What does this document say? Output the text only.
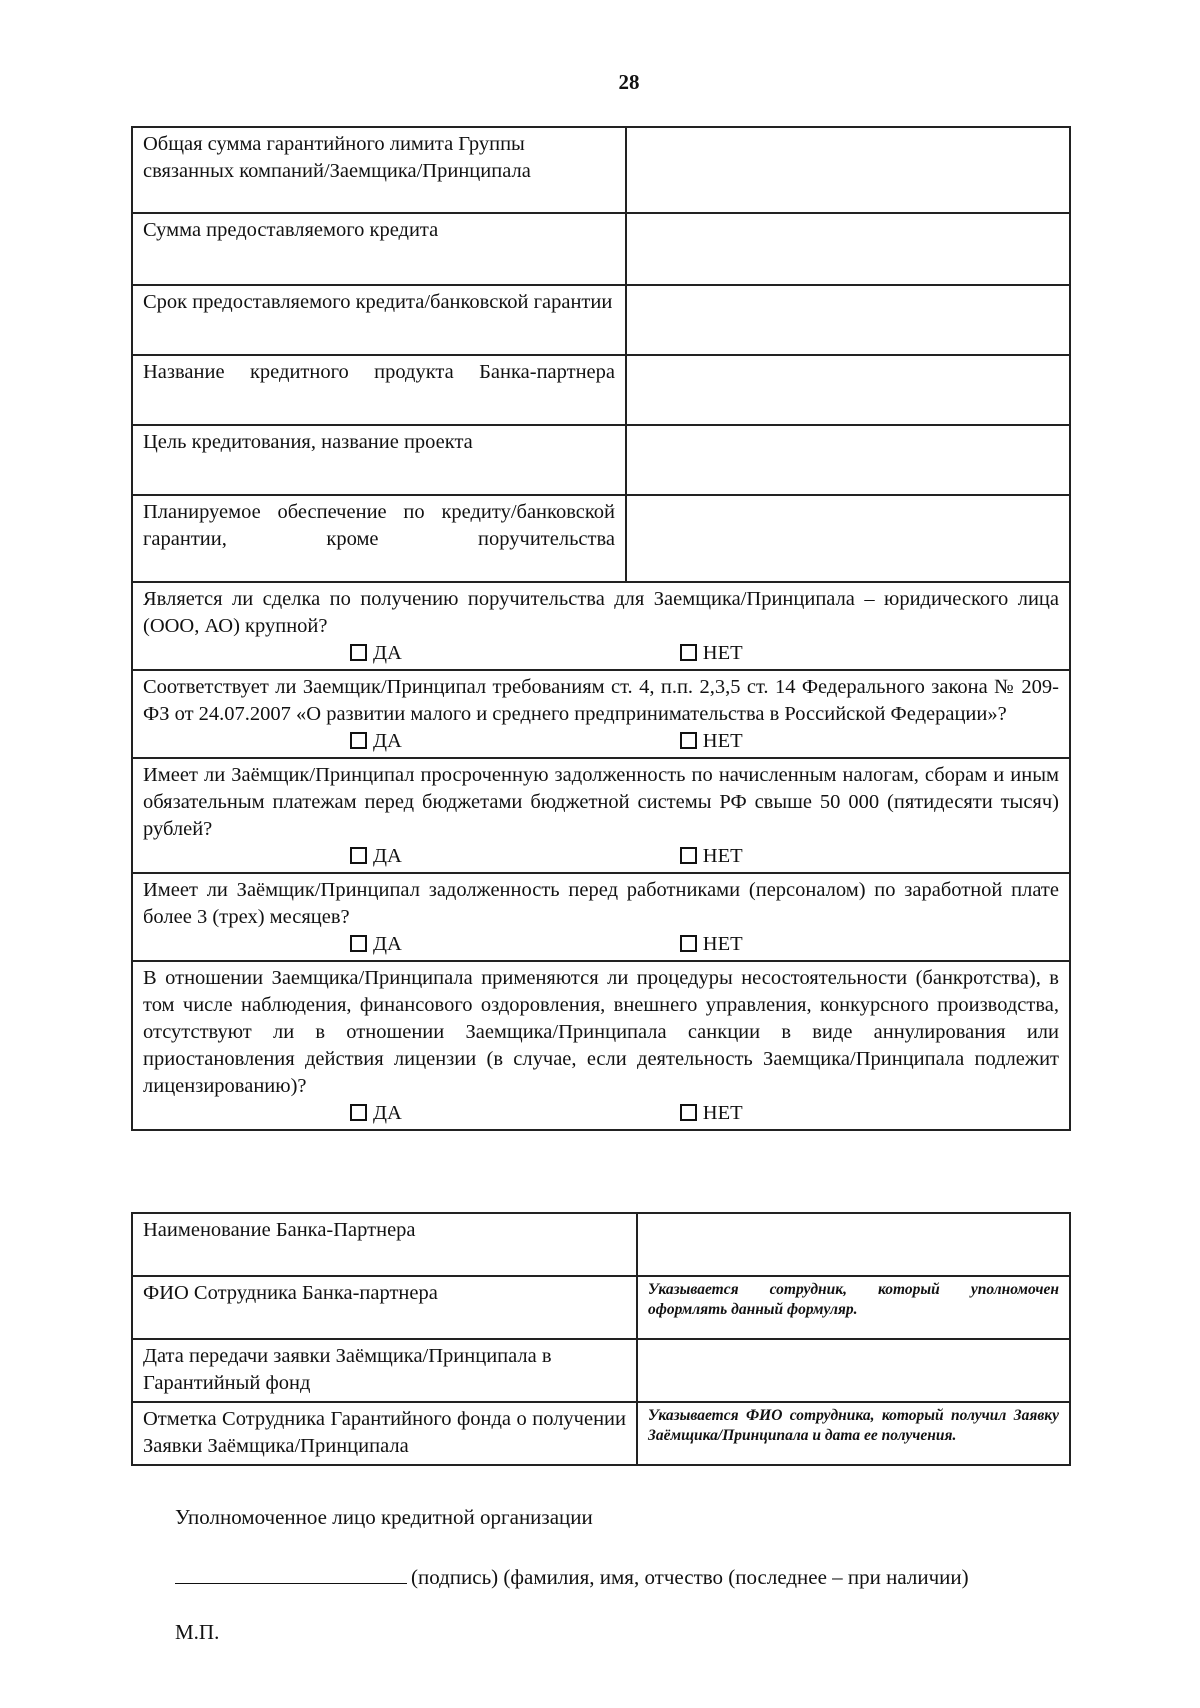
28
Общая сумма гарантийного лимита Группы связанных компаний/Заемщика/Принципала	
Сумма предоставляемого кредита	
Срок предоставляемого кредита/банковской гарантии	
Название кредитного продукта Банка-партнера	
Цель кредитования, название проекта	
Планируемое обеспечение по кредиту/банковской гарантии, кроме поручительства	

Является ли сделка по получению поручительства для Заемщика/Принципала – юридического лица (ООО, АО) крупной?
ДА НЕТ	

Соответствует ли Заемщик/Принципал требованиям ст. 4, п.п. 2,3,5 ст. 14 Федерального закона № 209-ФЗ от 24.07.2007 «О развитии малого и среднего предпринимательства в Российской Федерации»?
ДА НЕТ	

Имеет ли Заёмщик/Принципал просроченную задолженность по начисленным налогам, сборам и иным обязательным платежам перед бюджетами бюджетной системы РФ свыше 50 000 (пятидесяти тысяч) рублей?
ДА НЕТ	

Имеет ли Заёмщик/Принципал задолженность перед работниками (персоналом) по заработной плате более 3 (трех) месяцев?
ДА НЕТ	

В отношении Заемщика/Принципала применяются ли процедуры несостоятельности (банкротства), в том числе наблюдения, финансового оздоровления, внешнего управления, конкурсного производства, отсутствуют ли в отношении Заемщика/Принципала санкции в виде аннулирования или приостановления действия лицензии (в случае, если деятельность Заемщика/Принципала подлежит лицензированию)?
ДА НЕТ	
Наименование Банка-Партнера	
ФИО Сотрудника Банка-партнера	Указывается сотрудник, который уполномочен оформлять данный формуляр.
Дата передачи заявки Заёмщика/Принципала в Гарантийный фонд	
Отметка Сотрудника Гарантийного фонда о получении Заявки Заёмщика/Принципала	Указывается ФИО сотрудника, который получил Заявку Заёмщика/Принципала и дата ее получения.
Уполномоченное лицо кредитной организации
(подпись) (фамилия, имя, отчество (последнее – при наличии)
М.П.
